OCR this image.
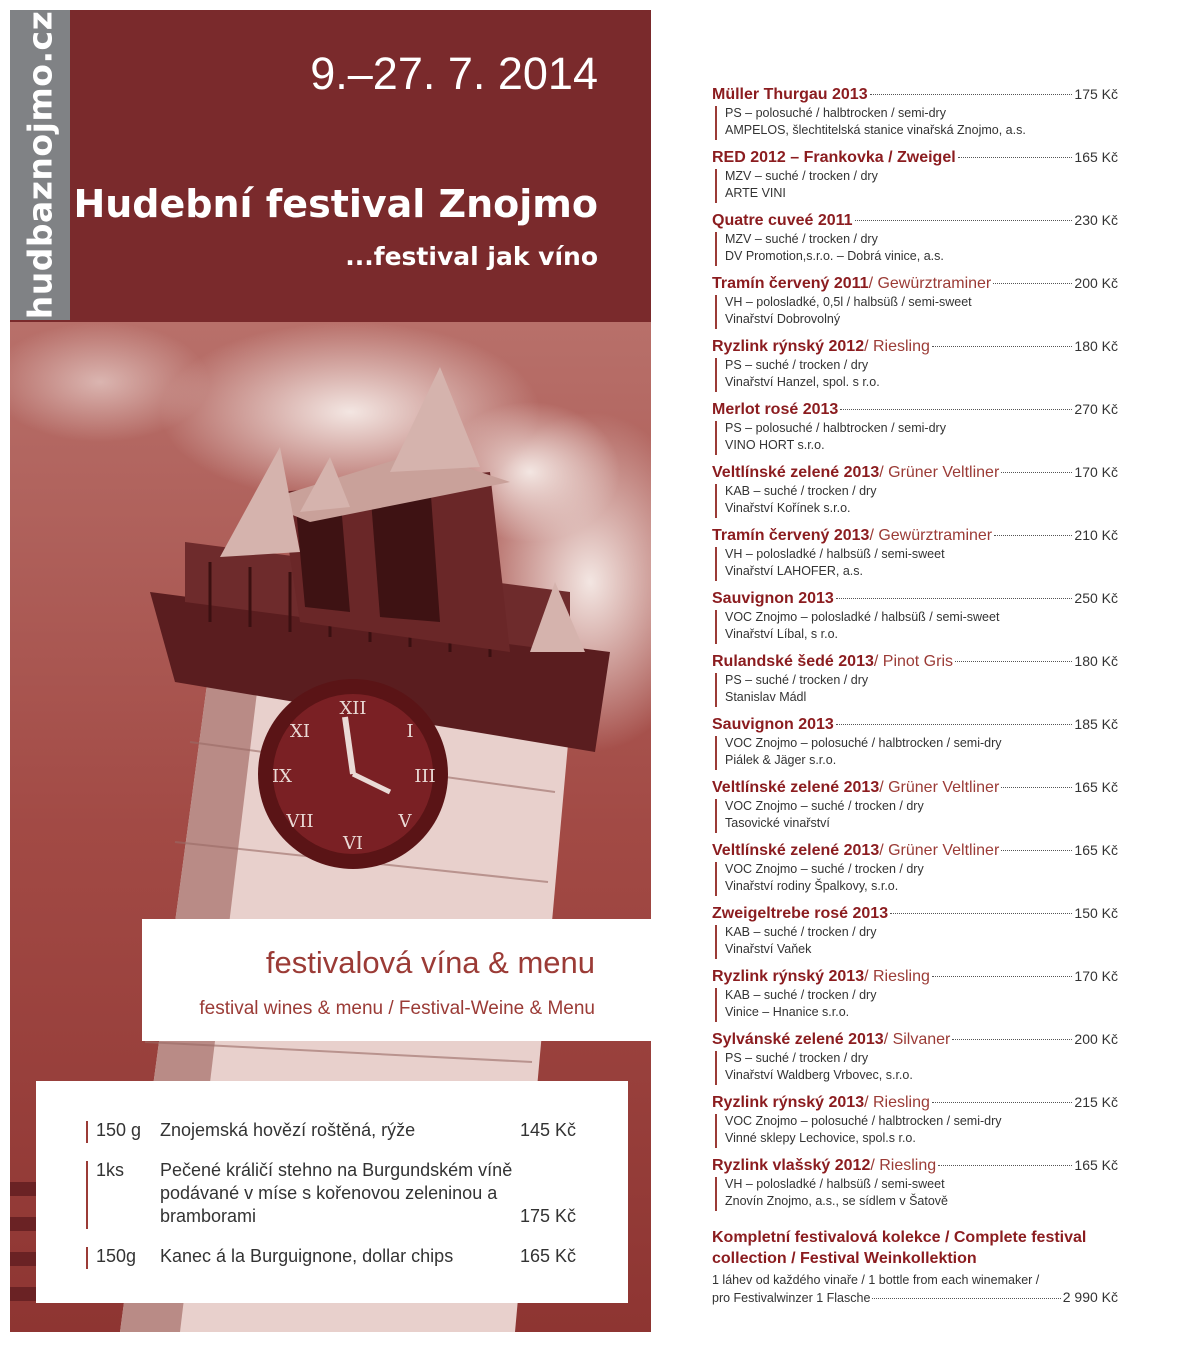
XII
I
III
V
VI
VII
IX
XI
hudbaznojmo.cz	9.–27. 7. 2014
Hudební festival Znojmo
...festival jak víno
festivalová vína & menu
festival wines & menu / Festival-Weine & Menu
150 g Znojemská hovězí roštěná, rýže	145 Kč
1ks Pečené králičí stehno na Burgundském víně podávané v míse s kořenovou zeleninou a bramborami	175 Kč
150g Kanec á la Burguignone, dollar chips	165 Kč
Müller Thurgau 2013	175 Kč
PS – polosuché / halbtrocken / semi-dry
AMPELOS, šlechtitelská stanice vinařská Znojmo, a.s.
RED 2012 – Frankovka / Zweigel	165 Kč
MZV – suché / trocken / dry
ARTE VINI
Quatre cuveé 2011	230 Kč
MZV – suché / trocken / dry
DV Promotion,s.r.o. – Dobrá vinice, a.s.
Tramín červený 2011 / Gewürztraminer	200 Kč
VH – polosladké, 0,5l / halbsüß / semi-sweet
Vinařství Dobrovolný
Ryzlink rýnský 2012 / Riesling	180 Kč
PS – suché / trocken / dry
Vinařství Hanzel, spol. s r.o.
Merlot rosé 2013	270 Kč
PS – polosuché / halbtrocken / semi-dry
VINO HORT s.r.o.
Veltlínské zelené 2013 / Grüner Veltliner	170 Kč
KAB – suché / trocken / dry
Vinařství Kořínek s.r.o.
Tramín červený 2013 / Gewürztraminer	210 Kč
VH – polosladké / halbsüß / semi-sweet
Vinařství LAHOFER, a.s.
Sauvignon 2013	250 Kč
VOC Znojmo – polosladké / halbsüß / semi-sweet
Vinařství Líbal, s r.o.
Rulandské šedé 2013 / Pinot Gris	180 Kč
PS – suché / trocken / dry
Stanislav Mádl
Sauvignon 2013	185 Kč
VOC Znojmo – polosuché / halbtrocken / semi-dry
Piálek & Jäger s.r.o.
Veltlínské zelené 2013 / Grüner Veltliner	165 Kč
VOC Znojmo – suché / trocken / dry
Tasovické vinařství
Veltlínské zelené 2013 / Grüner Veltliner	165 Kč
VOC Znojmo – suché / trocken / dry
Vinařství rodiny Špalkovy, s.r.o.
Zweigeltrebe rosé 2013	150 Kč
KAB – suché / trocken / dry
Vinařství Vaňek
Ryzlink rýnský 2013 / Riesling	170 Kč
KAB – suché / trocken / dry
Vinice – Hnanice s.r.o.
Sylvánské zelené 2013 / Silvaner	200 Kč
PS – suché / trocken / dry
Vinařství Waldberg Vrbovec, s.r.o.
Ryzlink rýnský 2013 / Riesling	215 Kč
VOC Znojmo – polosuché / halbtrocken / semi-dry
Vinné sklepy Lechovice, spol.s r.o.
Ryzlink vlašský 2012 / Riesling	165 Kč
VH – polosladké / halbsüß / semi-sweet
Znovín Znojmo, a.s., se sídlem v Šatově
Kompletní festivalová kolekce / Complete festival collection / Festival Weinkollektion
1 láhev od každého vinaře / 1 bottle from each winemaker /
pro Festivalwinzer 1 Flasche	2 990 Kč
